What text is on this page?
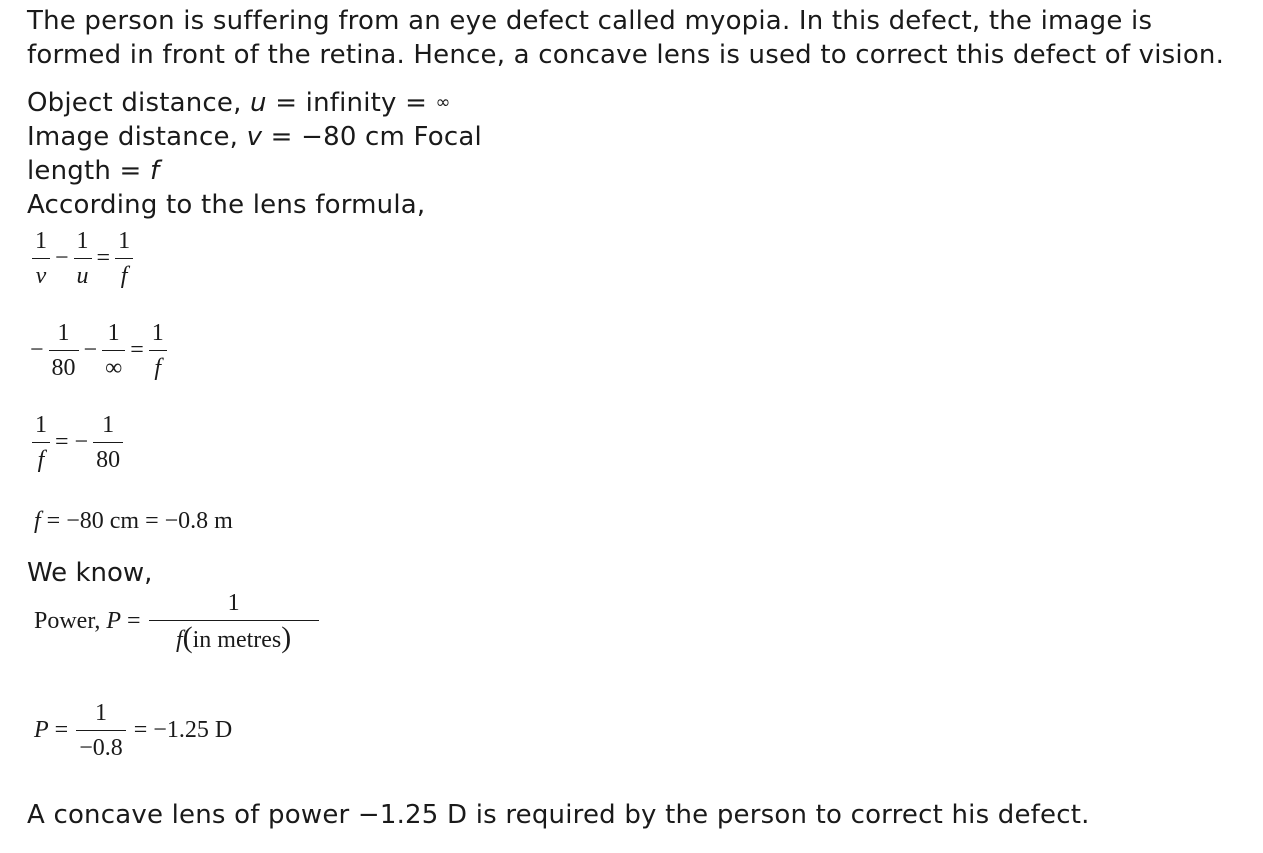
The person is suffering from an eye defect called myopia. In this defect, the image is
formed in front of the retina. Hence, a concave lens is used to correct this defect of vision.
Object distance, u = infinity = ∞
Image distance, v = −80 cm Focal
length = f
According to the lens formula,
$\frac{1}{v} - \frac{1}{u} = \frac{1}{f}$
− $\frac{1}{80} - \frac{1}{\infty} = \frac{1}{f}$
$\frac{1}{f}$ = − $\frac{1}{80}$
f = −80 cm = −0.8 m
We know,
Power, $P = \frac{1}{\text{f(in metres)}}$
$P = \frac{1}{-0.8} = -1.25$ D
A concave lens of power −1.25 D is required by the person to correct his defect.
